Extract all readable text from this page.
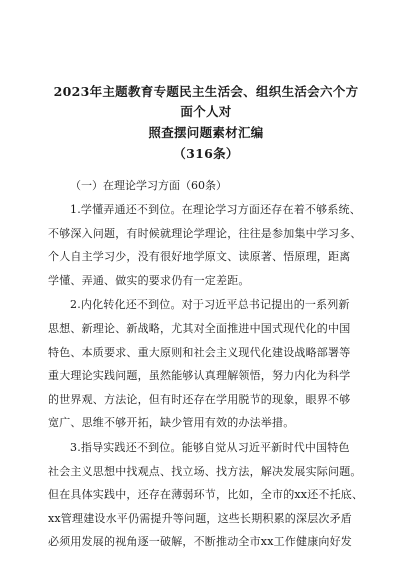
2023年主题教育专题民主生活会、组织生活会六个方面个人对
照查摆问题素材汇编
（316条）
（一）在理论学习方面（60条）
1.学懂弄通还不到位。在理论学习方面还存在着不够系统、
不够深入问题，有时候就理论学理论，往往是参加集中学习多、
个人自主学习少，没有很好地学原文、读原著、悟原理，距离
学懂、弄通、做实的要求仍有一定差距。
2.内化转化还不到位。对于习近平总书记提出的一系列新
思想、新理论、新战略，尤其对全面推进中国式现代化的中国
特色、本质要求、重大原则和社会主义现代化建设战略部署等
重大理论实践问题，虽然能够认真理解领悟，努力内化为科学
的世界观、方法论，但有时还存在学用脱节的现象，眼界不够
宽广、思维不够开拓，缺少管用有效的办法举措。
3.指导实践还不到位。能够自觉从习近平新时代中国特色
社会主义思想中找观点、找立场、找方法，解决发展实际问题。
但在具体实践中，还存在薄弱环节，比如，全市的xx还不托底、
xx管理建设水平仍需提升等问题，这些长期积累的深层次矛盾
必须用发展的视角逐一破解，不断推动全市xx工作健康向好发
